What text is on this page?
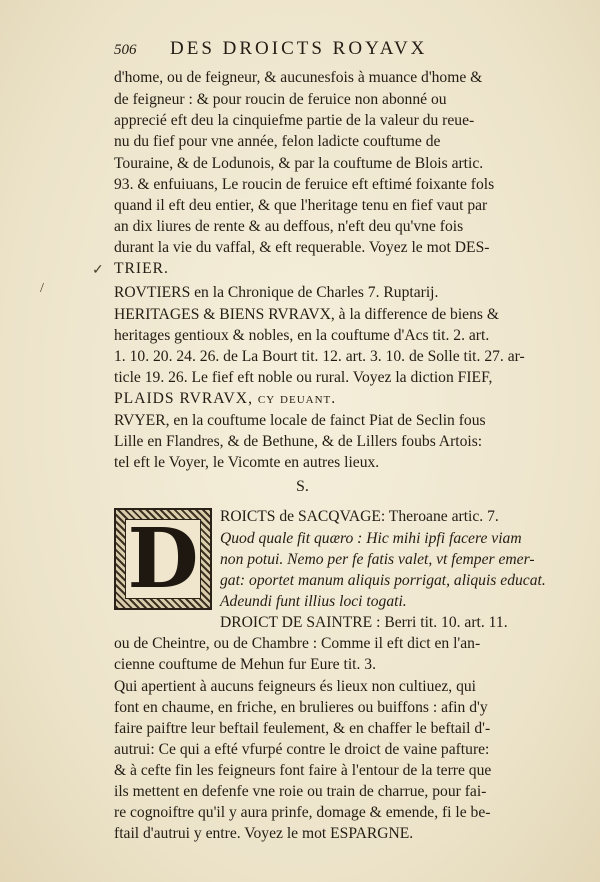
506 DES DROICTS ROYAVX
d'home, ou de feigneur, & aucunesfois à muance d'home &
de feigneur : & pour roucin de feruice non abonné ou
apprecié eft deu la cinquiefme partie de la valeur du reue-
nu du fief pour vne année, felon ladicte couftume de
Touraine, & de Lodunois, & par la couftume de Blois artic.
93. & enfuiuans, Le roucin de feruice eft eftimé foixante fols
quand il eft deu entier, & que l'heritage tenu en fief vaut par
an dix liures de rente & au deffous, n'eft deu qu'vne fois
durant la vie du vaffal, & eft requerable. Voyez le mot DES-
TRIER.
ROVTIERS en la Chronique de Charles 7. Ruptarij.
HERITAGES & BIENS RVRAVX, à la difference de biens &
heritages gentioux & nobles, en la couftume d'Acs tit. 2. art.
1. 10. 20. 24. 26. de La Bourt tit. 12. art. 3. 10. de Solle tit. 27. ar-
ticle 19. 26. Le fief eft noble ou rural. Voyez la diction FIEF,
PLAIDS RVRAVX, cy deuant.
RVYER, en la couftume locale de fainct Piat de Seclin fous
Lille en Flandres, & de Bethune, & de Lillers foubs Artois:
tel eft le Voyer, le Vicomte en autres lieux.
S.
D ROICTS de SACQVAGE: Theroane artic. 7.
Quod quale fit quæro : Hic mihi ipfi facere viam
non potui. Nemo per fe fatis valet, vt femper emer-
gat: oportet manum aliquis porrigat, aliquis educat.
Adeundi funt illius loci togati.
DROICT DE SAINTRE : Berri tit. 10. art. 11.
ou de Cheintre, ou de Chambre : Comme il eft dict en l'an-
cienne couftume de Mehun fur Eure tit. 3.
Qui apertient à aucuns feigneurs és lieux non cultiuez, qui
font en chaume, en friche, en brulieres ou buiffons : afin d'y
faire paiftre leur beftail feulement, & en chaffer le beftail d'-
autrui: Ce qui a efté vfurpé contre le droict de vaine pafture:
& à cefte fin les feigneurs font faire à l'entour de la terre que
ils mettent en defenfe vne roie ou train de charrue, pour fai-
re cognoiftre qu'il y aura prinfe, domage & emende, fi le be-
ftail d'autrui y entre. Voyez le mot ESPARGNE.
✓
/
